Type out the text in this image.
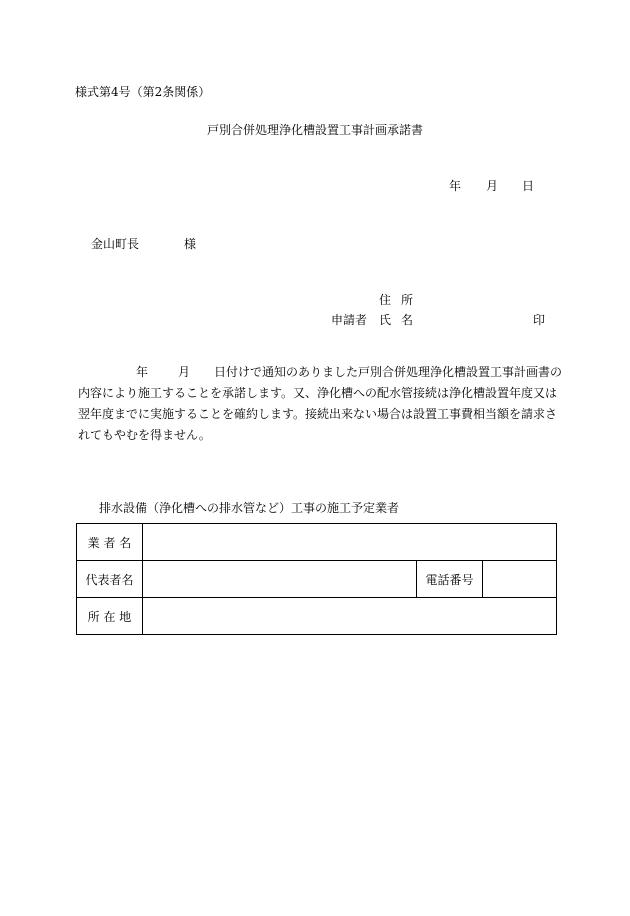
様式第4号（第2条関係）
戸別合併処理浄化槽設置工事計画承諾書
年 月 日
金山町長	様
住所
申請者 氏名	印
年	月 日付けで通知のありました戸別合併処理浄化槽設置工事計画書の
内容により施工することを承諾します。又、浄化槽への配水管接続は浄化槽設置年度又は
翌年度までに実施することを確約します。接続出来ない場合は設置工事費相当額を請求さ
れてもやむを得ません。
排水設備（浄化槽への排水管など）工事の施工予定業者
業 者 名
代表者名	電話番号
所 在 地
